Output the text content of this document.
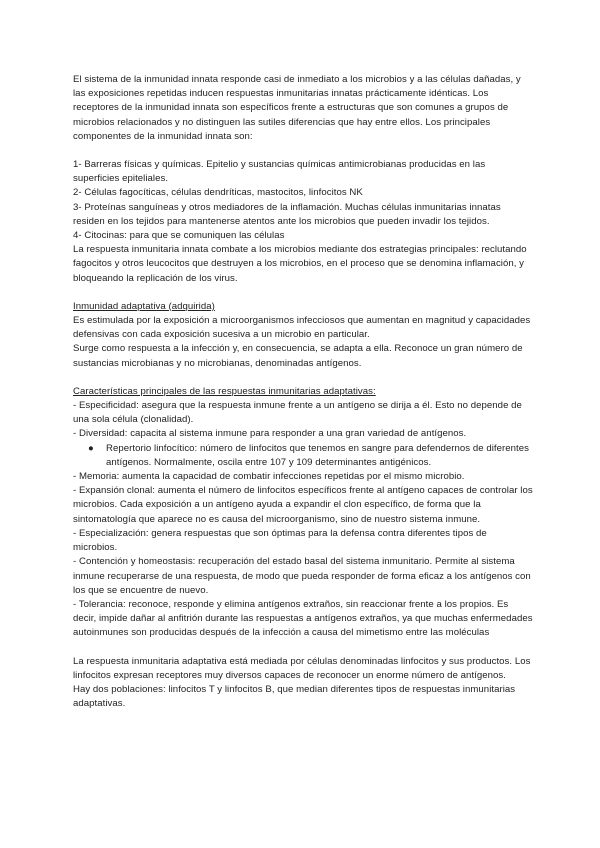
El sistema de la inmunidad innata responde casi de inmediato a los microbios y a las células dañadas, y las exposiciones repetidas inducen respuestas inmunitarias innatas prácticamente idénticas. Los receptores de la inmunidad innata son específicos frente a estructuras que son comunes a grupos de microbios relacionados y no distinguen las sutiles diferencias que hay entre ellos. Los principales componentes de la inmunidad innata son:

1- Barreras físicas y químicas. Epitelio y sustancias químicas antimicrobianas producidas en las superficies epiteliales.

2- Células fagocíticas, células dendríticas, mastocitos, linfocitos NK

3- Proteínas sanguíneas y otros mediadores de la inflamación. Muchas células inmunitarias innatas residen en los tejidos para mantenerse atentos ante los microbios que pueden invadir los tejidos.

4- Citocinas: para que se comuniquen las células

La respuesta inmunitaria innata combate a los microbios mediante dos estrategias principales: reclutando fagocitos y otros leucocitos que destruyen a los microbios, en el proceso que se denomina inflamación, y bloqueando la replicación de los virus.

Inmunidad adaptativa (adquirida)

Es estimulada por la exposición a microorganismos infecciosos que aumentan en magnitud y capacidades defensivas con cada exposición sucesiva a un microbio en particular.

Surge como respuesta a la infección y, en consecuencia, se adapta a ella. Reconoce un gran número de sustancias microbianas y no microbianas, denominadas antígenos.

Características principales de las respuestas inmunitarias adaptativas:

- Especificidad: asegura que la respuesta inmune frente a un antígeno se dirija a él. Esto no depende de una sola célula (clonalidad).

- Diversidad: capacita al sistema inmune para responder a una gran variedad de antígenos.

● Repertorio linfocítico: número de linfocitos que tenemos en sangre para defendernos de diferentes antígenos. Normalmente, oscila entre 107 y 109 determinantes antigénicos.

- Memoria: aumenta la capacidad de combatir infecciones repetidas por el mismo microbio.

- Expansión clonal: aumenta el número de linfocitos específicos frente al antígeno capaces de controlar los microbios. Cada exposición a un antígeno ayuda a expandir el clon específico, de forma que la sintomatología que aparece no es causa del microorganismo, sino de nuestro sistema inmune.

- Especialización: genera respuestas que son óptimas para la defensa contra diferentes tipos de microbios.

- Contención y homeostasis: recuperación del estado basal del sistema inmunitario. Permite al sistema inmune recuperarse de una respuesta, de modo que pueda responder de forma eficaz a los antígenos con los que se encuentre de nuevo.

- Tolerancia: reconoce, responde y elimina antígenos extraños, sin reaccionar frente a los propios. Es decir, impide dañar al anfitrión durante las respuestas a antígenos extraños, ya que muchas enfermedades autoinmunes son producidas después de la infección a causa del mimetismo entre las moléculas

La respuesta inmunitaria adaptativa está mediada por células denominadas linfocitos y sus productos. Los linfocitos expresan receptores muy diversos capaces de reconocer un enorme número de antígenos.

Hay dos poblaciones: linfocitos T y linfocitos B, que median diferentes tipos de respuestas inmunitarias adaptativas.
